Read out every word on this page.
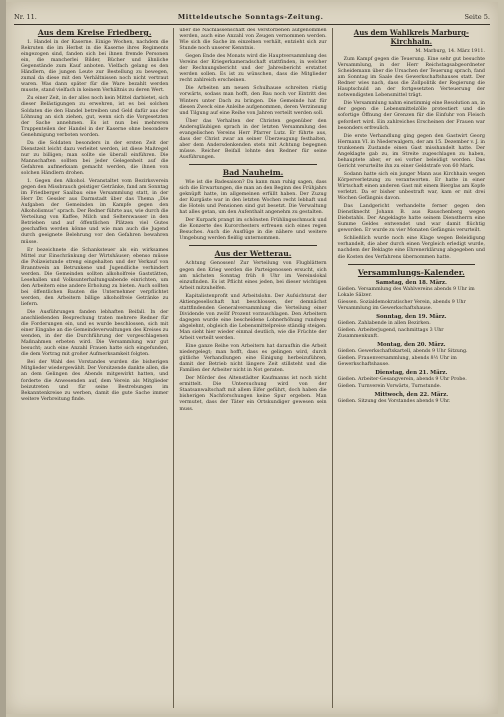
Nr. 11.	Mitteldeutsche Sonntags-Zeitung.	Seite 5.
Aus dem Kreise Friedberg.

1. Handel in der Kaserne. Einige Wochen, nachdem die Rekruten die im Herbst in die Kaserne ihres Regiments eingezogen sind, fanden sich bei ihnen fremde Personen ein, die mancherlei Bilder, Bücher und ähnliche Gegenstände zum Kauf anboten. Vielfach gelang es den Händlern, die jungen Leute zur Bestellung zu bewegen, zumal da diese mit den Verhältnissen noch nicht vertraut waren. Was dann später für die Ware bezahlt werden musste, stand vielfach in keinem Verhältnis zu deren Wert.

Zu einer Zeit, in der alles noch kein Mittel darbietet, sich dieser Belästigungen zu erwehren, ist es bei solchen Soldaten die den Handel betreiben und Geld dafür aus der Löhnung an sich ziehen, gut, wenn sich die Vorgesetzten der Sache annehmen. Es ist nun bei mehreren Truppenteilen der Handel in der Kaserne ohne besondere Genehmigung verboten worden.

Da die Soldaten besonders in der ersten Zeit der Dienstzeit leicht dazu verleitet werden, ist diese Maßregel nur zu billigen; man sollte sie überall einführen. Die Mannschaften sollten bei jeder Gelegenheit auf die Gefahren aufmerksam gemacht werden, die ihnen von solchen Händlern drohen.

1. Gegen den Alkohol. Veranstaltet vom Bezirksverein gegen den Missbrauch geistiger Getränke, fand am Sonntag im Friedberger Saalbau eine Versammlung statt, in der Herr Dr. Gessler aus Darmstadt über das Thema „Die Aufgaben der Gemeinden im Kampfe gegen den Alkoholismus“ sprach. Der Redner führte aus, wie durch die Verteilung von Kaffee, Milch und Selterswasser in den Betrieben und auf öffentlichen Plätzen viel Gutes geschaffen werden könne und wie man auch die Jugend durch geeignete Belehrung vor den Gefahren bewahren müsse.

Er bezeichnete die Schanksteuer als ein wirksames Mittel zur Einschränkung der Wirtshäuser; ebenso müsse die Polizeistunde streng eingehalten und der Verkauf von Branntwein an Betrunkene und Jugendliche verhindert werden. Die Gemeinden sollten alkoholfreie Gaststätten, Lesehallen und Volksunterhaltungsabende einrichten, um den Arbeitern eine andere Erholung zu bieten. Auch sollten bei öffentlichen Bauten die Unternehmer verpflichtet werden, den Arbeitern billige alkoholfreie Getränke zu liefern.

Die Ausführungen fanden lebhaften Beifall. In der anschließenden Besprechung traten mehrere Redner für die Forderungen ein, und es wurde beschlossen, sich mit einer Eingabe an die Gemeindeverwaltungen des Kreises zu wenden, in der die Durchführung der vorgeschlagenen Maßnahmen erbeten wird. Die Versammlung war gut besucht; auch eine Anzahl Frauen hatte sich eingefunden, die dem Vortrag mit großer Aufmerksamkeit folgten.

Bei der Wahl des Vorstandes wurden die bisherigen Mitglieder wiedergewählt. Der Vorsitzende dankte allen, die an dem Gelingen des Abends mitgewirkt hatten, und forderte die Anwesenden auf, dem Verein als Mitglieder beizutreten und für seine Bestrebungen im Bekanntenkreise zu werben, damit die gute Sache immer weitere Verbreitung finde.

über die Nachlassenschaft des Verstorbenen aufgenommen werden, auch eine Anzahl von Zeugen vernommen werden. Wie sich die Sache im einzelnen verhält, entzieht sich zur Stunde noch unserer Kenntnis.

Gegen Ende des Monats wird die Hauptversammlung des Vereins der Kriegerkameradschaft stattfinden, in welcher der Rechnungsbericht und der Jahresbericht erstattet werden sollen. Es ist zu wünschen, dass die Mitglieder recht zahlreich erscheinen.

Die Arbeiten am neuen Schulhause schreiten rüstig vorwärts, sodass man hofft, den Bau noch vor Eintritt des Winters unter Dach zu bringen. Die Gemeinde hat für diesen Zweck eine Anleihe aufgenommen, deren Verzinsung und Tilgung auf eine Reihe von Jahren verteilt werden soll.

Über das Verhalten der Christen gegenüber den Andersgläubigen sprach in der letzten Versammlung des evangelischen Vereins Herr Pfarrer Lutz. Er führte aus, dass der Christ zwar an seiner Überzeugung festhalten, aber dem Andersdenkenden stets mit Achtung begegnen müsse. Reicher Beifall lohnte den Redner für seine Ausführungen.

Bad Nauheim.

Wie ist die Badesaison? Da kann man ruhig sagen, dass sich die Erwartungen, die man an den Beginn des Frühjahrs geknüpft hatte, im allgemeinen erfüllt haben. Der Zuzug der Kurgäste war in den letzten Wochen recht lebhaft und die Hotels und Pensionen sind gut besetzt. Die Verwaltung hat alles getan, um den Aufenthalt angenehm zu gestalten.

Der Kurpark prangt im schönsten Frühlingsschmuck und die Konzerte des Kurorchesters erfreuen sich eines regen Besuches. Auch die Ausflüge in die nähere und weitere Umgebung werden fleißig unternommen.

Aus der Wetterau.

Achtung Genossen! Zur Verteilung von Flugblättern gegen den Krieg werden die Parteigenossen ersucht, sich am nächsten Sonntag früh 8 Uhr im Vereinslokal einzufinden. Es ist Pflicht eines jeden, bei dieser wichtigen Arbeit mitzuhelfen.

Kapitalistenprofit und Arbeitslohn. Der Aufsichtsrat der Aktiengesellschaft hat beschlossen, der demnächst stattfindenden Generalversammlung die Verteilung einer Dividende von zwölf Prozent vorzuschlagen. Den Arbeitern dagegen wurde eine bescheidene Lohnerhöhung rundweg abgelehnt, obgleich die Lebensmittelpreise ständig steigen. Man sieht hier wieder einmal deutlich, wie die Früchte der Arbeit verteilt werden.

Eine ganze Reihe von Arbeitern hat daraufhin die Arbeit niedergelegt; man hofft, dass es gelingen wird, durch gütliche Verhandlungen eine Einigung herbeizuführen, damit der Betrieb nicht längere Zeit stillsteht und die Familien der Arbeiter nicht in Not geraten.

Der Mörder des Altenstädter Kaufmanns ist noch nicht ermittelt. Die Untersuchung wird von der Staatsanwaltschaft mit allem Eifer geführt, doch haben die bisherigen Nachforschungen keine Spur ergeben. Man vermutet, dass der Täter ein Ortskundiger gewesen sein muss.

Aus dem Wahlkreis Marburg-Kirchhain.

M. Marburg, 14. März 1911.

Zum Kampf gegen die Teuerung. Eine sehr gut besuchte Versammlung, in der Herr Reichstagsabgeordneter Scheidemann über die Ursachen der Teuerung sprach, fand am Sonntag im Saale des Gewerkschaftshauses statt. Der Redner wies nach, dass die Zollpolitik der Regierung die Hauptschuld an der fortgesetzten Verteuerung der notwendigsten Lebensmittel trägt.

Die Versammlung nahm einstimmig eine Resolution an, in der gegen die Lebensmittelzölle protestiert und die sofortige Öffnung der Grenzen für die Einfuhr von Fleisch gefordert wird. Ein zahlreiches Erscheinen der Frauen war besonders erfreulich.

Die erste Verhandlung ging gegen den Gastwirt Georg Hermann VI. in Niederwalgern, der am 15. Dezember v. J. in trunkenem Zustande einen Gast misshandelt hatte. Der Angeklagte gab zu, im Streite zugeschlagen zu haben, behauptete aber, er sei vorher beleidigt worden. Das Gericht verurteilte ihn zu einer Geldstrafe von 60 Mark.

Sodann hatte sich ein junger Mann aus Kirchhain wegen Körperverletzung zu verantworten. Er hatte in einer Wirtschaft einen anderen Gast mit einem Bierglas am Kopfe verletzt. Da er bisher unbestraft war, kam er mit drei Wochen Gefängnis davon.

Das Landgericht verhandelte ferner gegen den Dienstknecht Johann B. aus Rauschenberg wegen Diebstahls. Der Angeklagte hatte seinem Dienstherrn eine Summe Geldes entwendet und war damit flüchtig geworden. Er wurde zu vier Monaten Gefängnis verurteilt.

Schließlich wurde noch eine Klage wegen Beleidigung verhandelt, die aber durch einen Vergleich erledigt wurde, nachdem der Beklagte eine Ehrenerklärung abgegeben und die Kosten des Verfahrens übernommen hatte.

Versammlungs-Kalender.
Samstag, den 18. März.
Gießen. Versammlung des Wahlvereins abends 9 Uhr im Lokale Sälzer.
Giessen. Sozialdemokratischer Verein, abends 9 Uhr Versammlung im Gewerkschaftshause.
Sonntag, den 19. März.
Gießen. Zahlabende in allen Bezirken.
Gießen. Arbeiterjugend, nachmittags 3 Uhr Zusammenkunft.
Montag, den 20. März.
Gießen. Gewerkschaftskartell, abends 9 Uhr Sitzung.
Gießen. Frauenversammlung, abends 8½ Uhr im Gewerkschaftshause.
Dienstag, den 21. März.
Gießen. Arbeiter-Gesangverein, abends 9 Uhr Probe.
Gießen. Turnverein Vorwärts, Turnstunde.
Mittwoch, den 22. März.
Gießen. Sitzung des Vorstandes abends 9 Uhr.
